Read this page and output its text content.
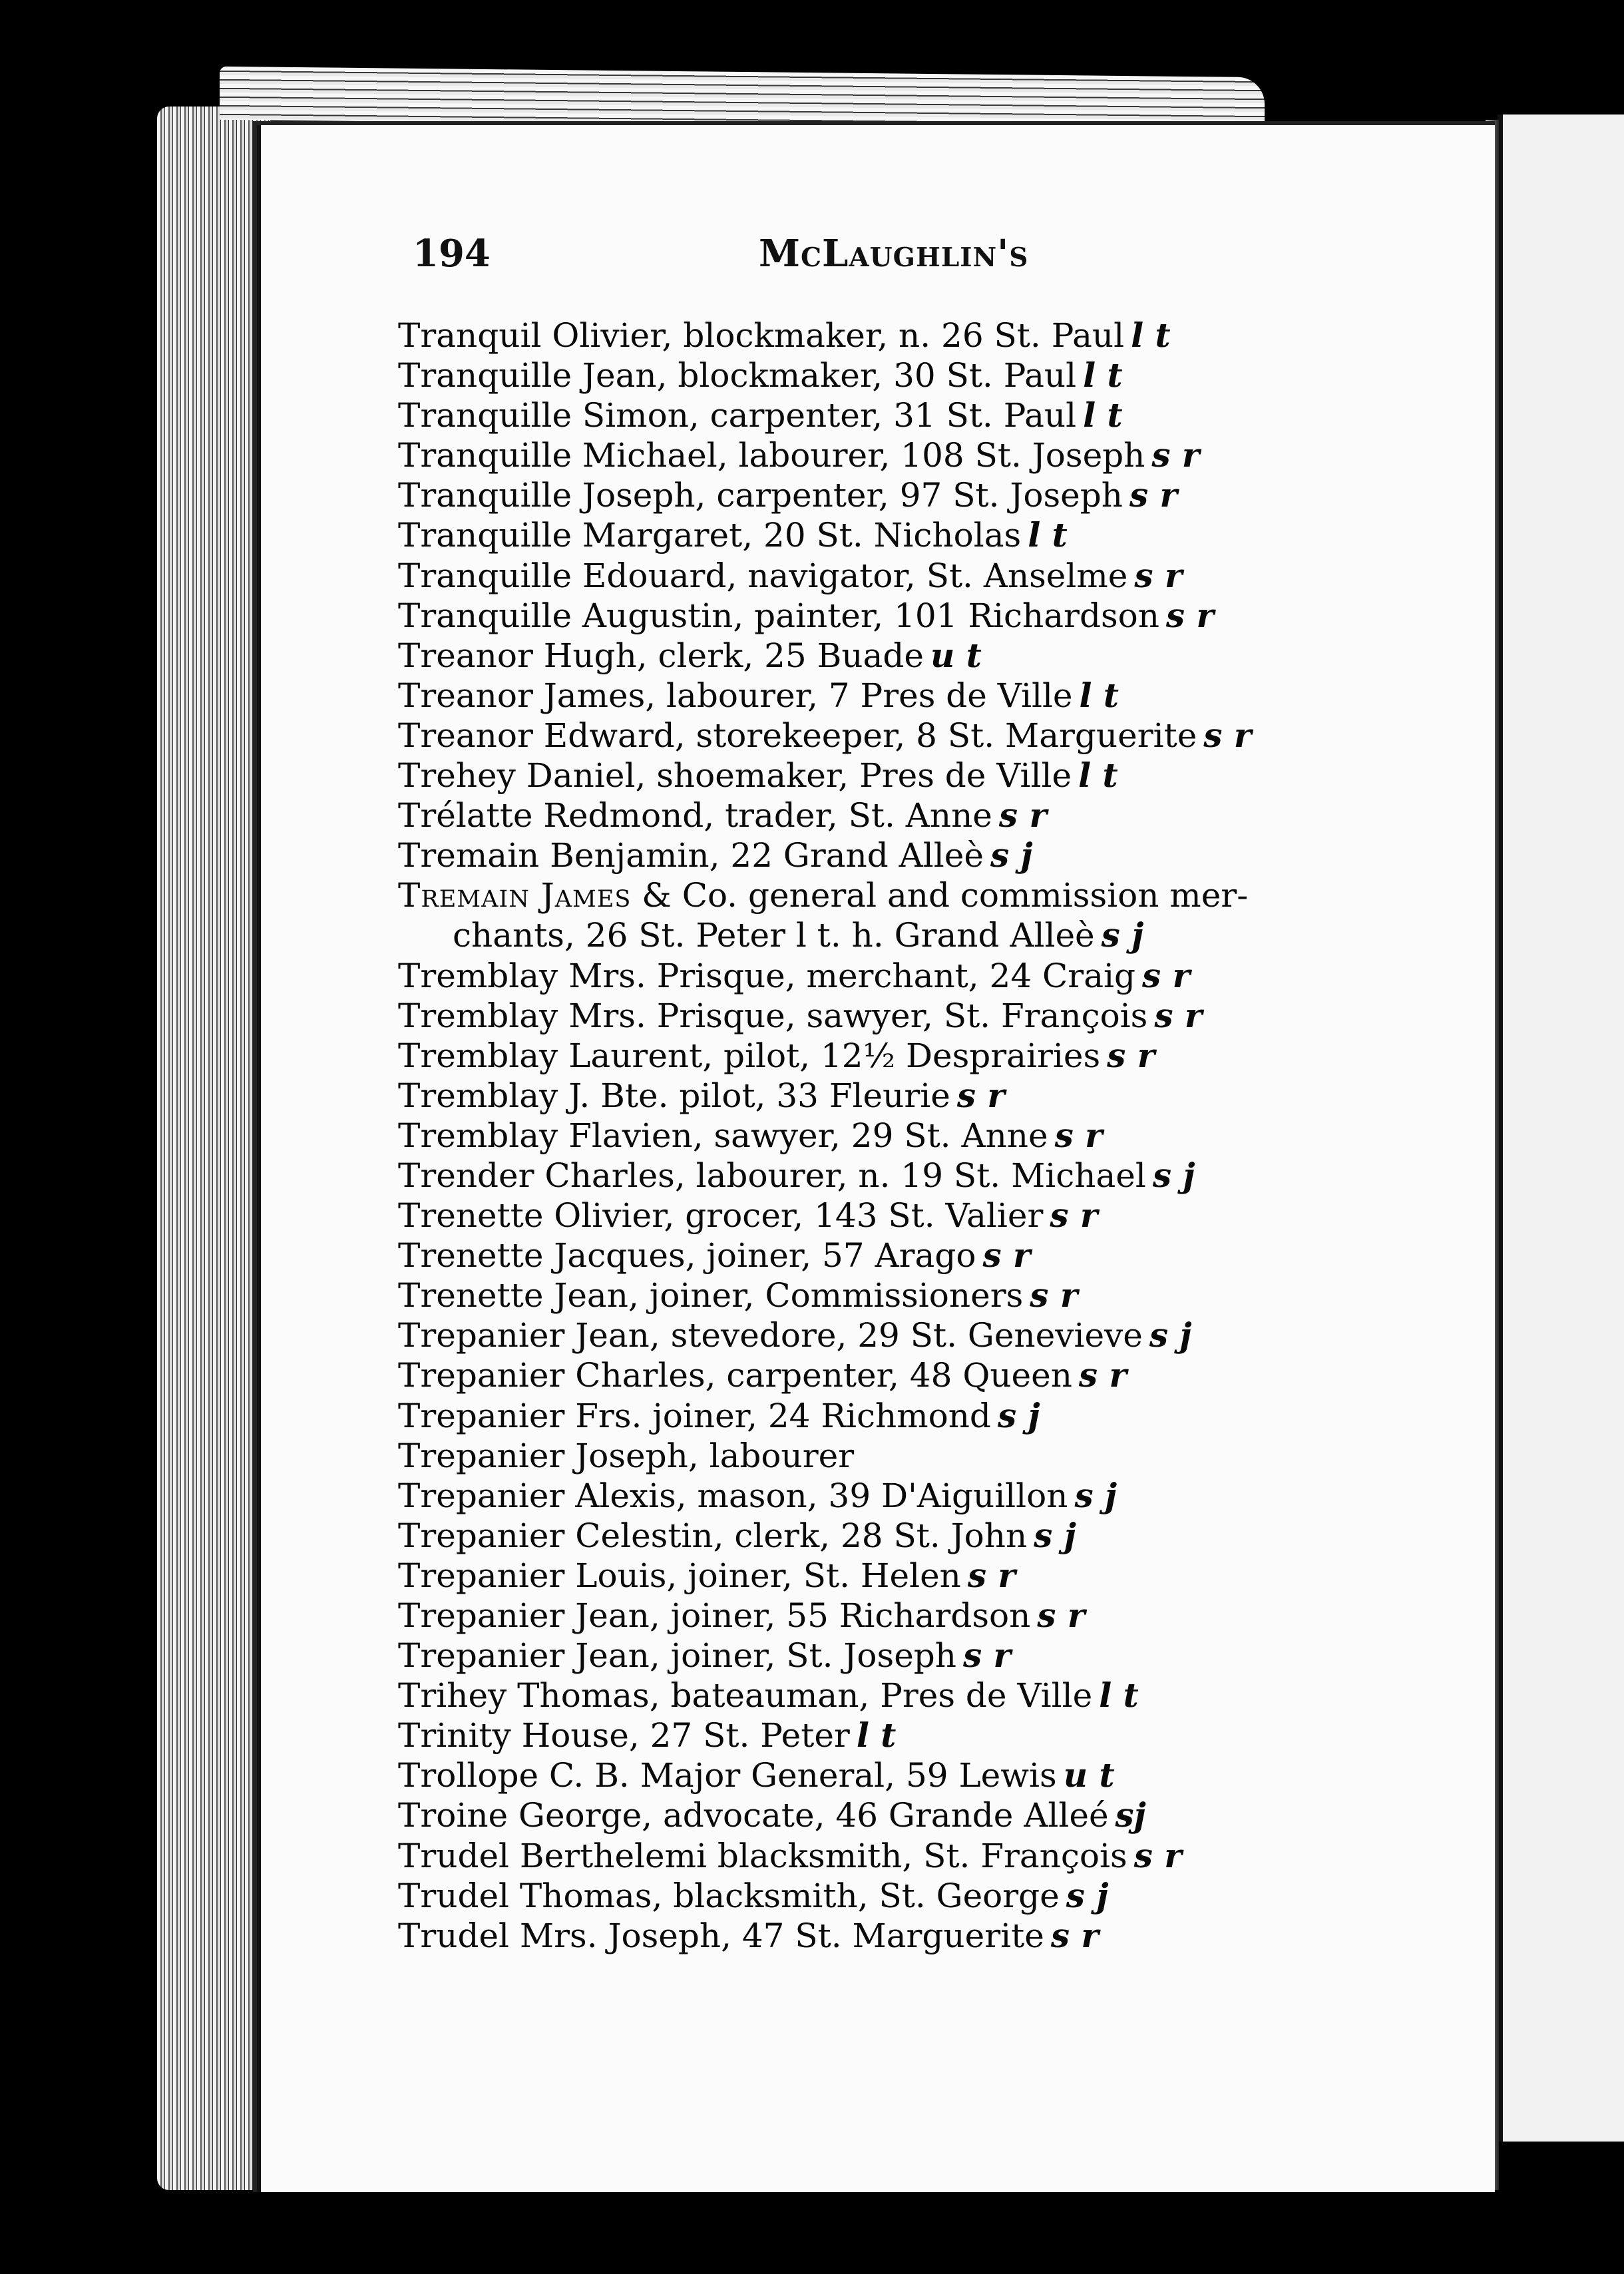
194	McLaughlin's
Tranquil Olivier, blockmaker, n. 26 St. Paul l t
Tranquille Jean, blockmaker, 30 St. Paul l t
Tranquille Simon, carpenter, 31 St. Paul l t
Tranquille Michael, labourer, 108 St. Joseph s r
Tranquille Joseph, carpenter, 97 St. Joseph s r
Tranquille Margaret, 20 St. Nicholas l t
Tranquille Edouard, navigator, St. Anselme s r
Tranquille Augustin, painter, 101 Richardson s r
Treanor Hugh, clerk, 25 Buade u t
Treanor James, labourer, 7 Pres de Ville l t
Treanor Edward, storekeeper, 8 St. Marguerite s r
Trehey Daniel, shoemaker, Pres de Ville l t
Trélatte Redmond, trader, St. Anne s r
Tremain Benjamin, 22 Grand Alleè s j
Tremain James & Co. general and commission mer-
chants, 26 St. Peter l t. h. Grand Alleè s j
Tremblay Mrs. Prisque, merchant, 24 Craig s r
Tremblay Mrs. Prisque, sawyer, St. François s r
Tremblay Laurent, pilot, 12½ Desprairies s r
Tremblay J. Bte. pilot, 33 Fleurie s r
Tremblay Flavien, sawyer, 29 St. Anne s r
Trender Charles, labourer, n. 19 St. Michael s j
Trenette Olivier, grocer, 143 St. Valier s r
Trenette Jacques, joiner, 57 Arago s r
Trenette Jean, joiner, Commissioners s r
Trepanier Jean, stevedore, 29 St. Genevieve s j
Trepanier Charles, carpenter, 48 Queen s r
Trepanier Frs. joiner, 24 Richmond s j
Trepanier Joseph, labourer
Trepanier Alexis, mason, 39 D'Aiguillon s j
Trepanier Celestin, clerk, 28 St. John s j
Trepanier Louis, joiner, St. Helen s r
Trepanier Jean, joiner, 55 Richardson s r
Trepanier Jean, joiner, St. Joseph s r
Trihey Thomas, bateauman, Pres de Ville l t
Trinity House, 27 St. Peter l t
Trollope C. B. Major General, 59 Lewis u t
Troine George, advocate, 46 Grande Alleé sj
Trudel Berthelemi blacksmith, St. François s r
Trudel Thomas, blacksmith, St. George s j
Trudel Mrs. Joseph, 47 St. Marguerite s r
